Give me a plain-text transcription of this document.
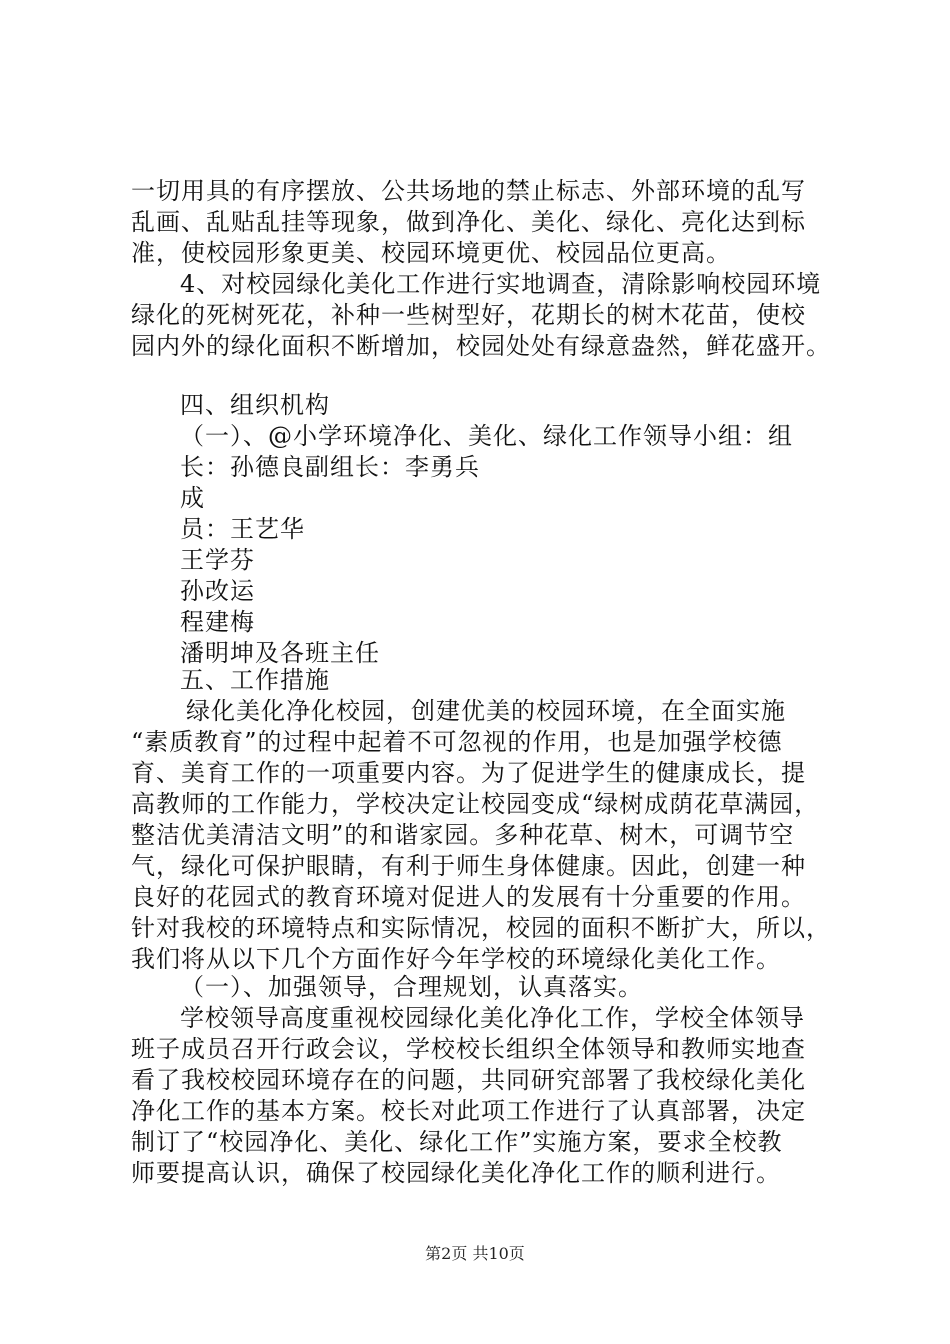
一切用具的有序摆放、公共场地的禁止标志、外部环境的乱写
乱画、乱贴乱挂等现象，做到净化、美化、绿化、亮化达到标
准，使校园形象更美、校园环境更优、校园品位更高。
4、对校园绿化美化工作进行实地调查，清除影响校园环境
绿化的死树死花，补种一些树型好，花期长的树木花苗，使校
园内外的绿化面积不断增加，校园处处有绿意盎然，鲜花盛开。
四、组织机构
（一）、@小学环境净化、美化、绿化工作领导小组：组
长：孙德良副组长：李勇兵
成
员：王艺华
王学芬
孙改运
程建梅
潘明坤及各班主任
五、工作措施
绿化美化净化校园，创建优美的校园环境，在全面实施
“素质教育”的过程中起着不可忽视的作用，也是加强学校德
育、美育工作的一项重要内容。为了促进学生的健康成长，提
高教师的工作能力，学校决定让校园变成“绿树成荫花草满园，
整洁优美清洁文明”的和谐家园。多种花草、树木，可调节空
气，绿化可保护眼睛，有利于师生身体健康。因此，创建一种
良好的花园式的教育环境对促进人的发展有十分重要的作用。
针对我校的环境特点和实际情况，校园的面积不断扩大，所以，
我们将从以下几个方面作好今年学校的环境绿化美化工作。
（一）、加强领导，合理规划，认真落实。
学校领导高度重视校园绿化美化净化工作，学校全体领导
班子成员召开行政会议，学校校长组织全体领导和教师实地查
看了我校校园环境存在的问题，共同研究部署了我校绿化美化
净化工作的基本方案。校长对此项工作进行了认真部署，决定
制订了“校园净化、美化、绿化工作”实施方案，要求全校教
师要提高认识，确保了校园绿化美化净化工作的顺利进行。
第2页 共10页
